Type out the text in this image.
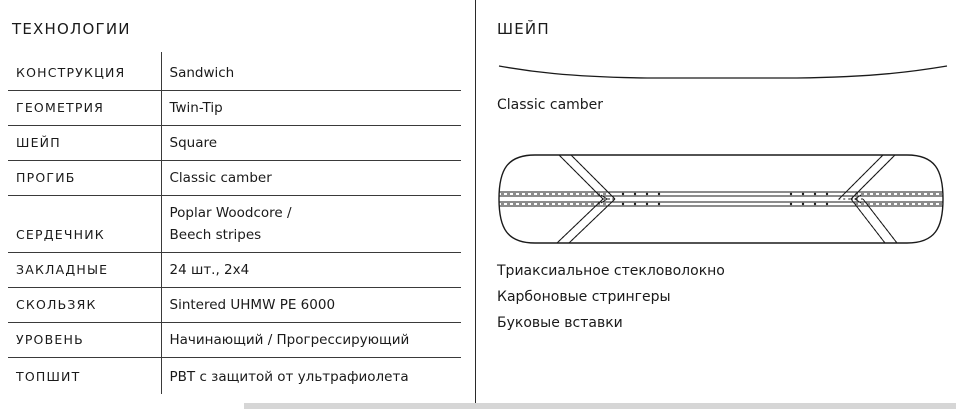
ТЕХНОЛОГИИ
КОНСТРУКЦИЯ	Sandwich
ГЕОМЕТРИЯ	Twin-Tip
ШЕЙП	Square
ПРОГИБ	Classic camber
СЕРДЕЧНИК	Poplar Woodcore /
Beech stripes

ЗАКЛАДНЫЕ	24 шт., 2x4
СКОЛЬЗЯК	Sintered UHMW PE 6000
УРОВЕНЬ	Начинающий / Прогрессирующий
ТОПШИТ	PBT с защитой от ультрафиолета
ШЕЙП
Classic camber
Триаксиальное стекловолокно
Карбоновые стрингеры
Буковые вставки
